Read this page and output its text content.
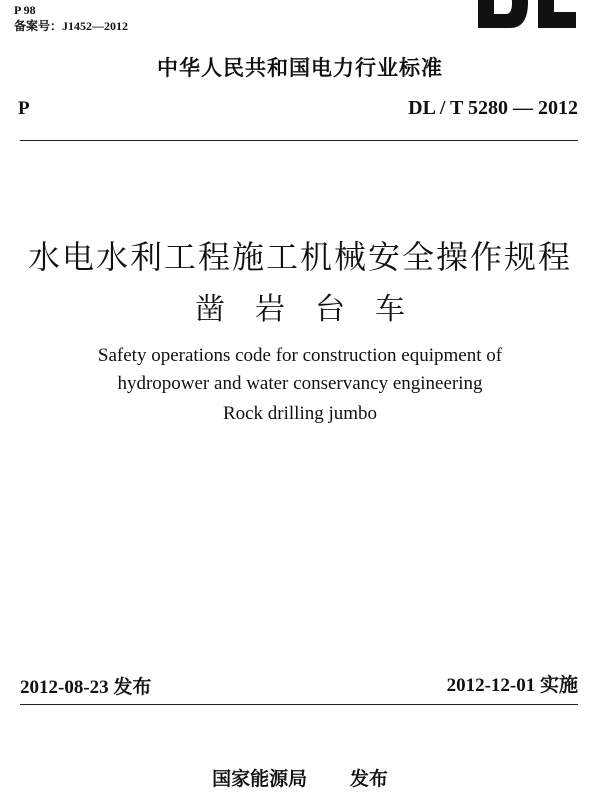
P 98
备案号：J1452—2012
中华人民共和国电力行业标准
P	DL / T 5280 — 2012
水电水利工程施工机械安全操作规程
凿岩台车
Safety operations code for construction equipment of
hydropower and water conservancy engineering
Rock drilling jumbo
2012-08-23 发布	2012-12-01 实施
国家能源局 发布
